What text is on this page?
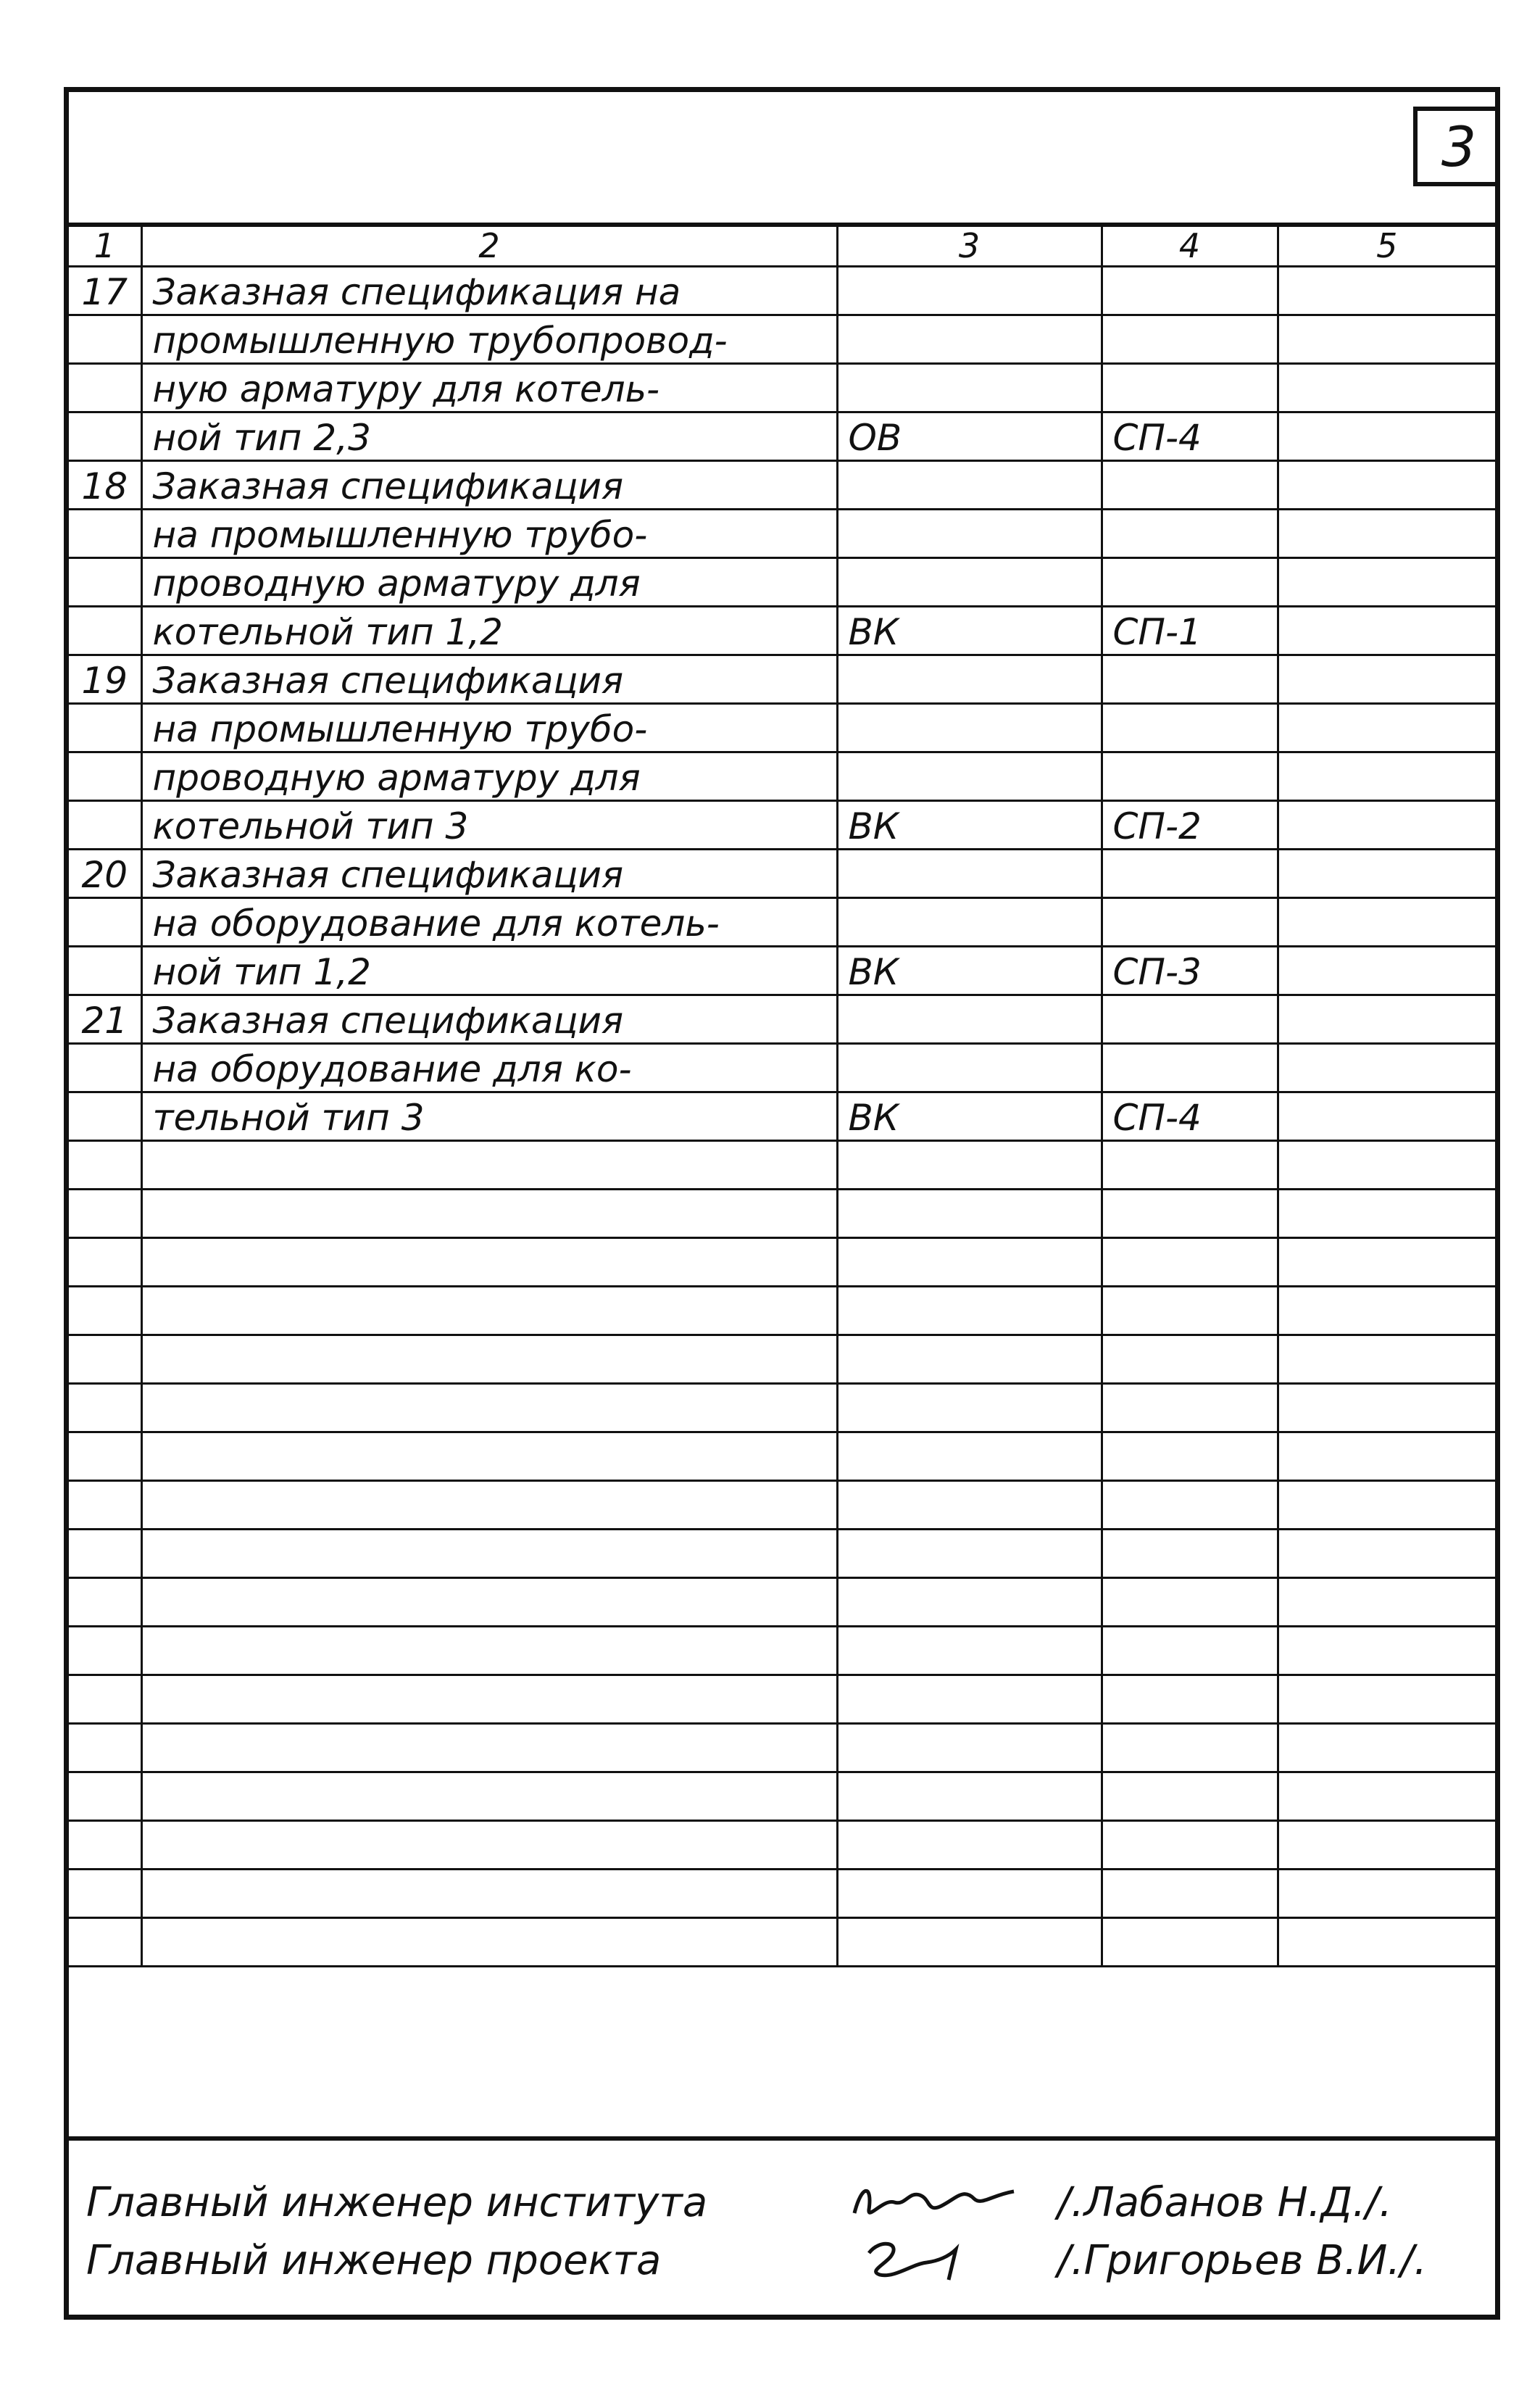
3
1	2	3	4	5
17	Заказная спецификация на			
	промышленную трубопровод-			
	ную арматуру для котель-			
	ной тип 2,3	ОВ	СП-4	
18	Заказная спецификация			
	на промышленную трубо-			
	проводную арматуру для			
	котельной тип 1,2	ВК	СП-1	
19	Заказная спецификация			
	на промышленную трубо-			
	проводную арматуру для			
	котельной тип 3	ВК	СП-2	
20	Заказная спецификация			
	на оборудование для котель-			
	ной тип 1,2	ВК	СП-3	
21	Заказная спецификация			
	на оборудование для ко-			
	тельной тип 3	ВК	СП-4	

Главный инженер института	/.Лабанов Н.Д./.
Главный инженер проекта	/.Григорьев В.И./.
